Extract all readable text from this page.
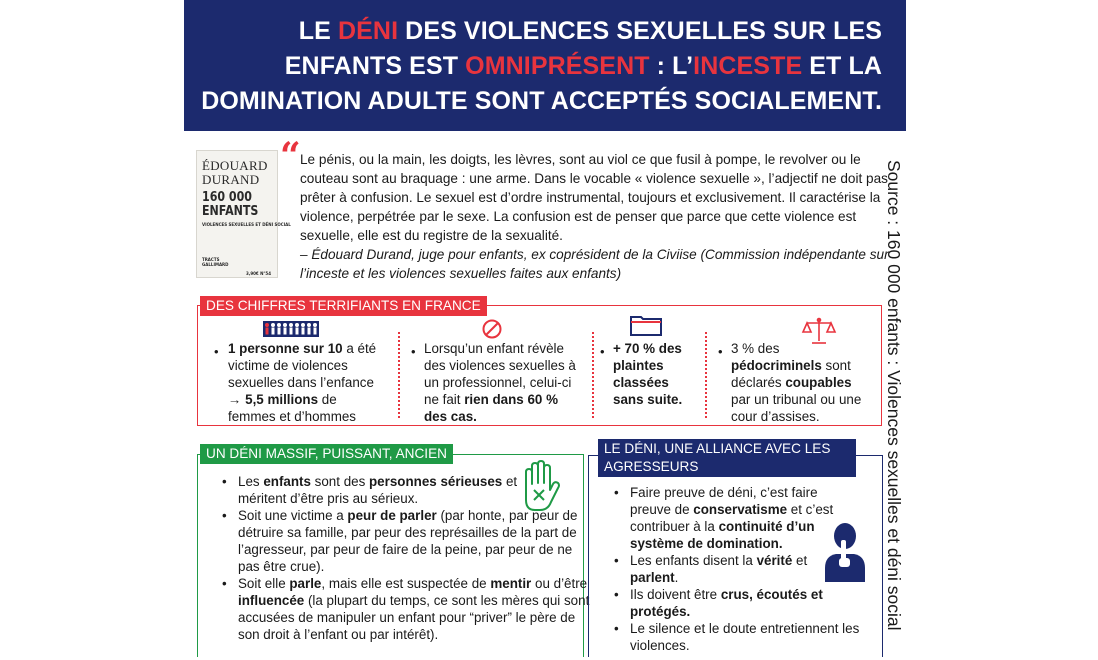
LE DÉNI DES VIOLENCES SEXUELLES SUR LES
ENFANTS EST OMNIPRÉSENT : L’INCESTE ET LA
DOMINATION ADULTE SONT ACCEPTÉS SOCIALEMENT.
ÉDOUARD
DURAND
160 000
ENFANTS
VIOLENCES SEXUELLES ET DÉNI SOCIAL
TRACTS
GALLIMARD
3,90€ N°54
“ Le pénis, ou la main, les doigts, les lèvres, sont au viol ce que fusil à pompe, le revolver ou le couteau sont au braquage : une arme. Dans le vocable « violence sexuelle », l’adjectif ne doit pas prêter à confusion. Le sexuel est d’ordre instrumental, toujours et exclusivement. Il caractérise la violence, perpétrée par le sexe. La confusion est de penser que parce que cette violence est sexuelle, elle est du registre de la sexualité.
– Édouard Durand, juge pour enfants, ex coprésident de la Civiise (Commission indépendante sur l’inceste et les violences sexuelles faites aux enfants)	Source : 160 000 enfants : Violences sexuelles et déni social
DES CHIFFRES TERRIFIANTS EN FRANCE
• 1 personne sur 10 a été victime de violences sexuelles dans l’enfance
→ 5,5 millions de femmes et d’hommes
• Lorsqu’un enfant révèle des violences sexuelles à un professionnel, celui-ci ne fait rien dans 60 % des cas.
• + 70 % des plaintes classées sans suite.
• 3 % des pédocriminels sont déclarés coupables par un tribunal ou une cour d’assises.
UN DÉNI MASSIF, PUISSANT, ANCIEN
• Les enfants sont des personnes sérieuses et méritent d’être pris au sérieux.
• Soit une victime a peur de parler (par honte, par peur de détruire sa famille, par peur des représailles de la part de l’agresseur, par peur de faire de la peine, par peur de ne pas être crue).
• Soit elle parle, mais elle est suspectée de mentir ou d’être influencée (la plupart du temps, ce sont les mères qui sont accusées de manipuler un enfant pour “priver” le père de son droit à l’enfant ou par intérêt).
LE DÉNI, UNE ALLIANCE AVEC LES AGRESSEURS
• Faire preuve de déni, c’est faire preuve de conservatisme et c’est contribuer à la continuité d’un système de domination.
• Les enfants disent la vérité et parlent.
• Ils doivent être crus, écoutés et protégés.
• Le silence et le doute entretiennent les violences.
